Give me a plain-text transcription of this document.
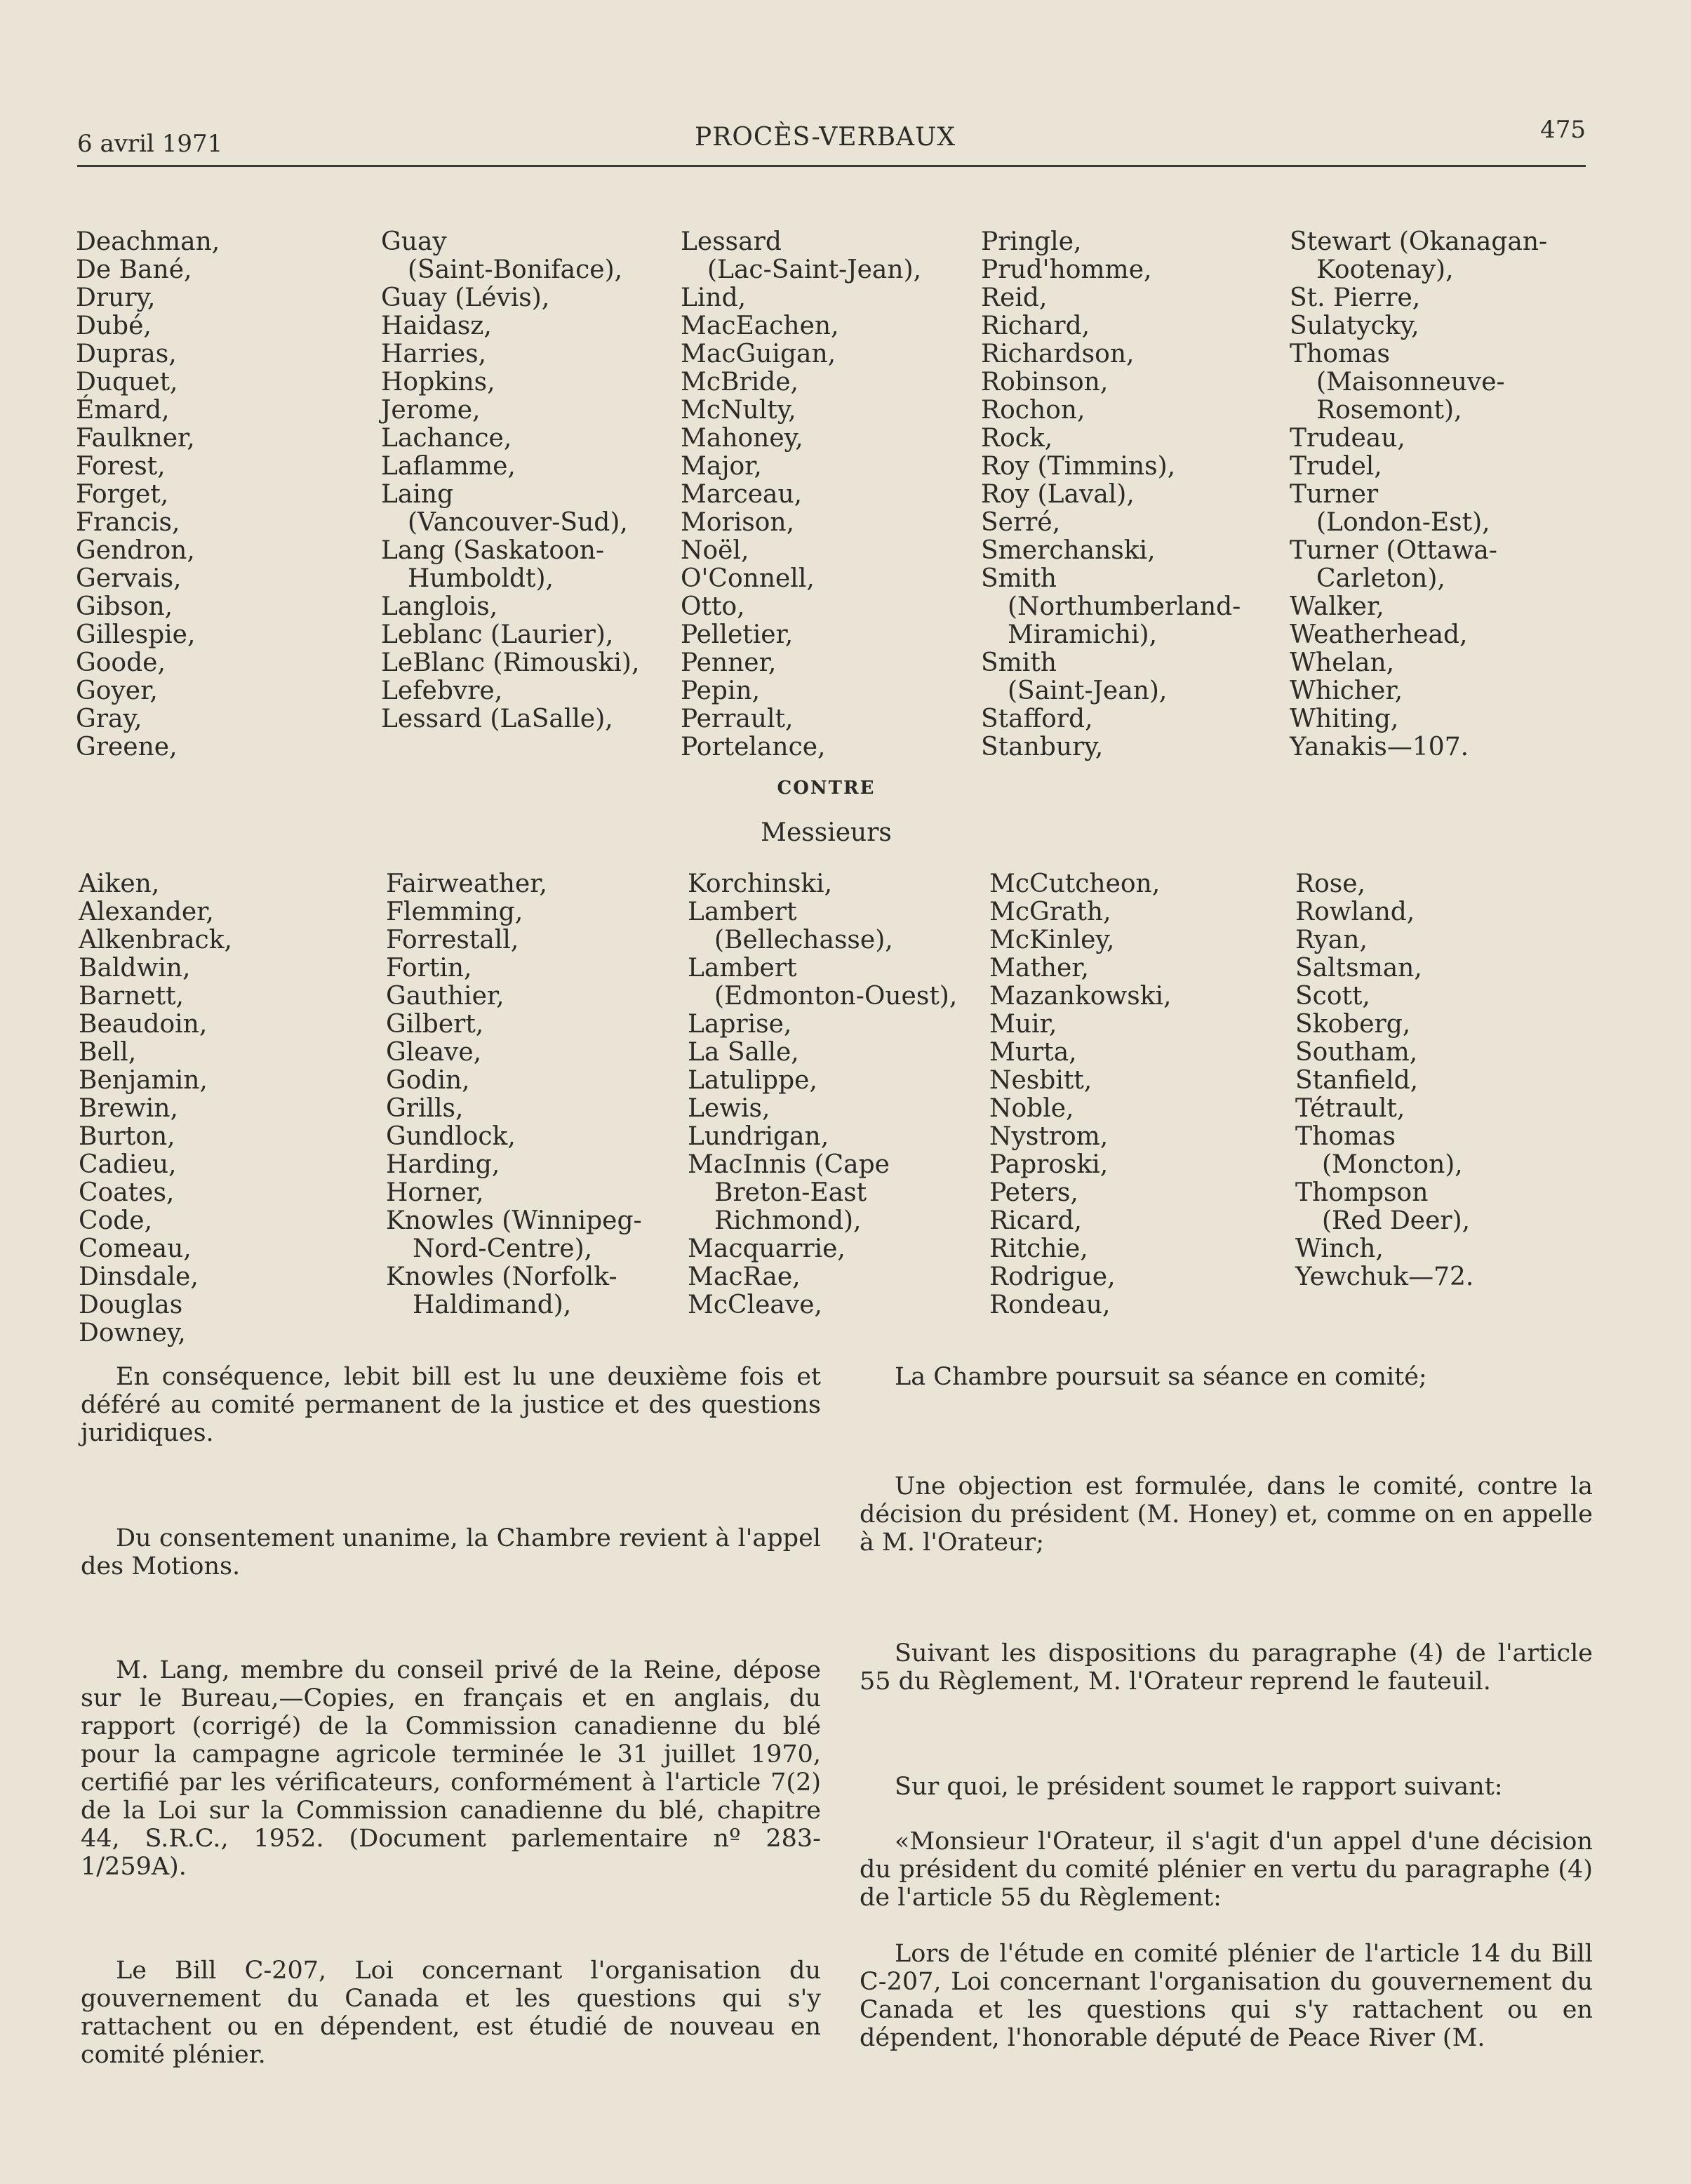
6 avril 1971	PROCÈS-VERBAUX	475
Deachman,
De Bané,
Drury,
Dubé,
Dupras,
Duquet,
Émard,
Faulkner,
Forest,
Forget,
Francis,
Gendron,
Gervais,
Gibson,
Gillespie,
Goode,
Goyer,
Gray,
Greene,
Guay
(Saint-Boniface),
Guay (Lévis),
Haidasz,
Harries,
Hopkins,
Jerome,
Lachance,
Laflamme,
Laing
(Vancouver-Sud),
Lang (Saskatoon-
Humboldt),
Langlois,
Leblanc (Laurier),
LeBlanc (Rimouski),
Lefebvre,
Lessard (LaSalle),
Lessard
(Lac-Saint-Jean),
Lind,
MacEachen,
MacGuigan,
McBride,
McNulty,
Mahoney,
Major,
Marceau,
Morison,
Noël,
O'Connell,
Otto,
Pelletier,
Penner,
Pepin,
Perrault,
Portelance,
Pringle,
Prud'homme,
Reid,
Richard,
Richardson,
Robinson,
Rochon,
Rock,
Roy (Timmins),
Roy (Laval),
Serré,
Smerchanski,
Smith
(Northumberland-
Miramichi),
Smith
(Saint-Jean),
Stafford,
Stanbury,
Stewart (Okanagan-
Kootenay),
St. Pierre,
Sulatycky,
Thomas
(Maisonneuve-
Rosemont),
Trudeau,
Trudel,
Turner
(London-Est),
Turner (Ottawa-
Carleton),
Walker,
Weatherhead,
Whelan,
Whicher,
Whiting,
Yanakis—107.
CONTRE
Messieurs
Aiken,
Alexander,
Alkenbrack,
Baldwin,
Barnett,
Beaudoin,
Bell,
Benjamin,
Brewin,
Burton,
Cadieu,
Coates,
Code,
Comeau,
Dinsdale,
Douglas
Downey,
Fairweather,
Flemming,
Forrestall,
Fortin,
Gauthier,
Gilbert,
Gleave,
Godin,
Grills,
Gundlock,
Harding,
Horner,
Knowles (Winnipeg-
Nord-Centre),
Knowles (Norfolk-
Haldimand),
Korchinski,
Lambert
(Bellechasse),
Lambert
(Edmonton-Ouest),
Laprise,
La Salle,
Latulippe,
Lewis,
Lundrigan,
MacInnis (Cape
Breton-East
Richmond),
Macquarrie,
MacRae,
McCleave,
McCutcheon,
McGrath,
McKinley,
Mather,
Mazankowski,
Muir,
Murta,
Nesbitt,
Noble,
Nystrom,
Paproski,
Peters,
Ricard,
Ritchie,
Rodrigue,
Rondeau,
Rose,
Rowland,
Ryan,
Saltsman,
Scott,
Skoberg,
Southam,
Stanfield,
Tétrault,
Thomas
(Moncton),
Thompson
(Red Deer),
Winch,
Yewchuk—72.

En conséquence, lebit bill est lu une deuxième fois et déféré au comité permanent de la justice et des questions juridiques.

Du consentement unanime, la Chambre revient à l'appel des Motions.

M. Lang, membre du conseil privé de la Reine, dépose sur le Bureau,—Copies, en français et en anglais, du rapport (corrigé) de la Commission canadienne du blé pour la campagne agricole terminée le 31 juillet 1970, certifié par les vérificateurs, conformément à l'article 7(2) de la Loi sur la Commission canadienne du blé, chapitre 44, S.R.C., 1952. (Document parlementaire nº 283-1/259A).

Le Bill C-207, Loi concernant l'organisation du gouvernement du Canada et les questions qui s'y rattachent ou en dépendent, est étudié de nouveau en comité plénier.

La Chambre poursuit sa séance en comité;

Une objection est formulée, dans le comité, contre la décision du président (M. Honey) et, comme on en appelle à M. l'Orateur;

Suivant les dispositions du paragraphe (4) de l'article 55 du Règlement, M. l'Orateur reprend le fauteuil.

Sur quoi, le président soumet le rapport suivant:

«Monsieur l'Orateur, il s'agit d'un appel d'une décision du président du comité plénier en vertu du paragraphe (4) de l'article 55 du Règlement:

Lors de l'étude en comité plénier de l'article 14 du Bill C-207, Loi concernant l'organisation du gouvernement du Canada et les questions qui s'y rattachent ou en dépendent, l'honorable député de Peace River (M.
